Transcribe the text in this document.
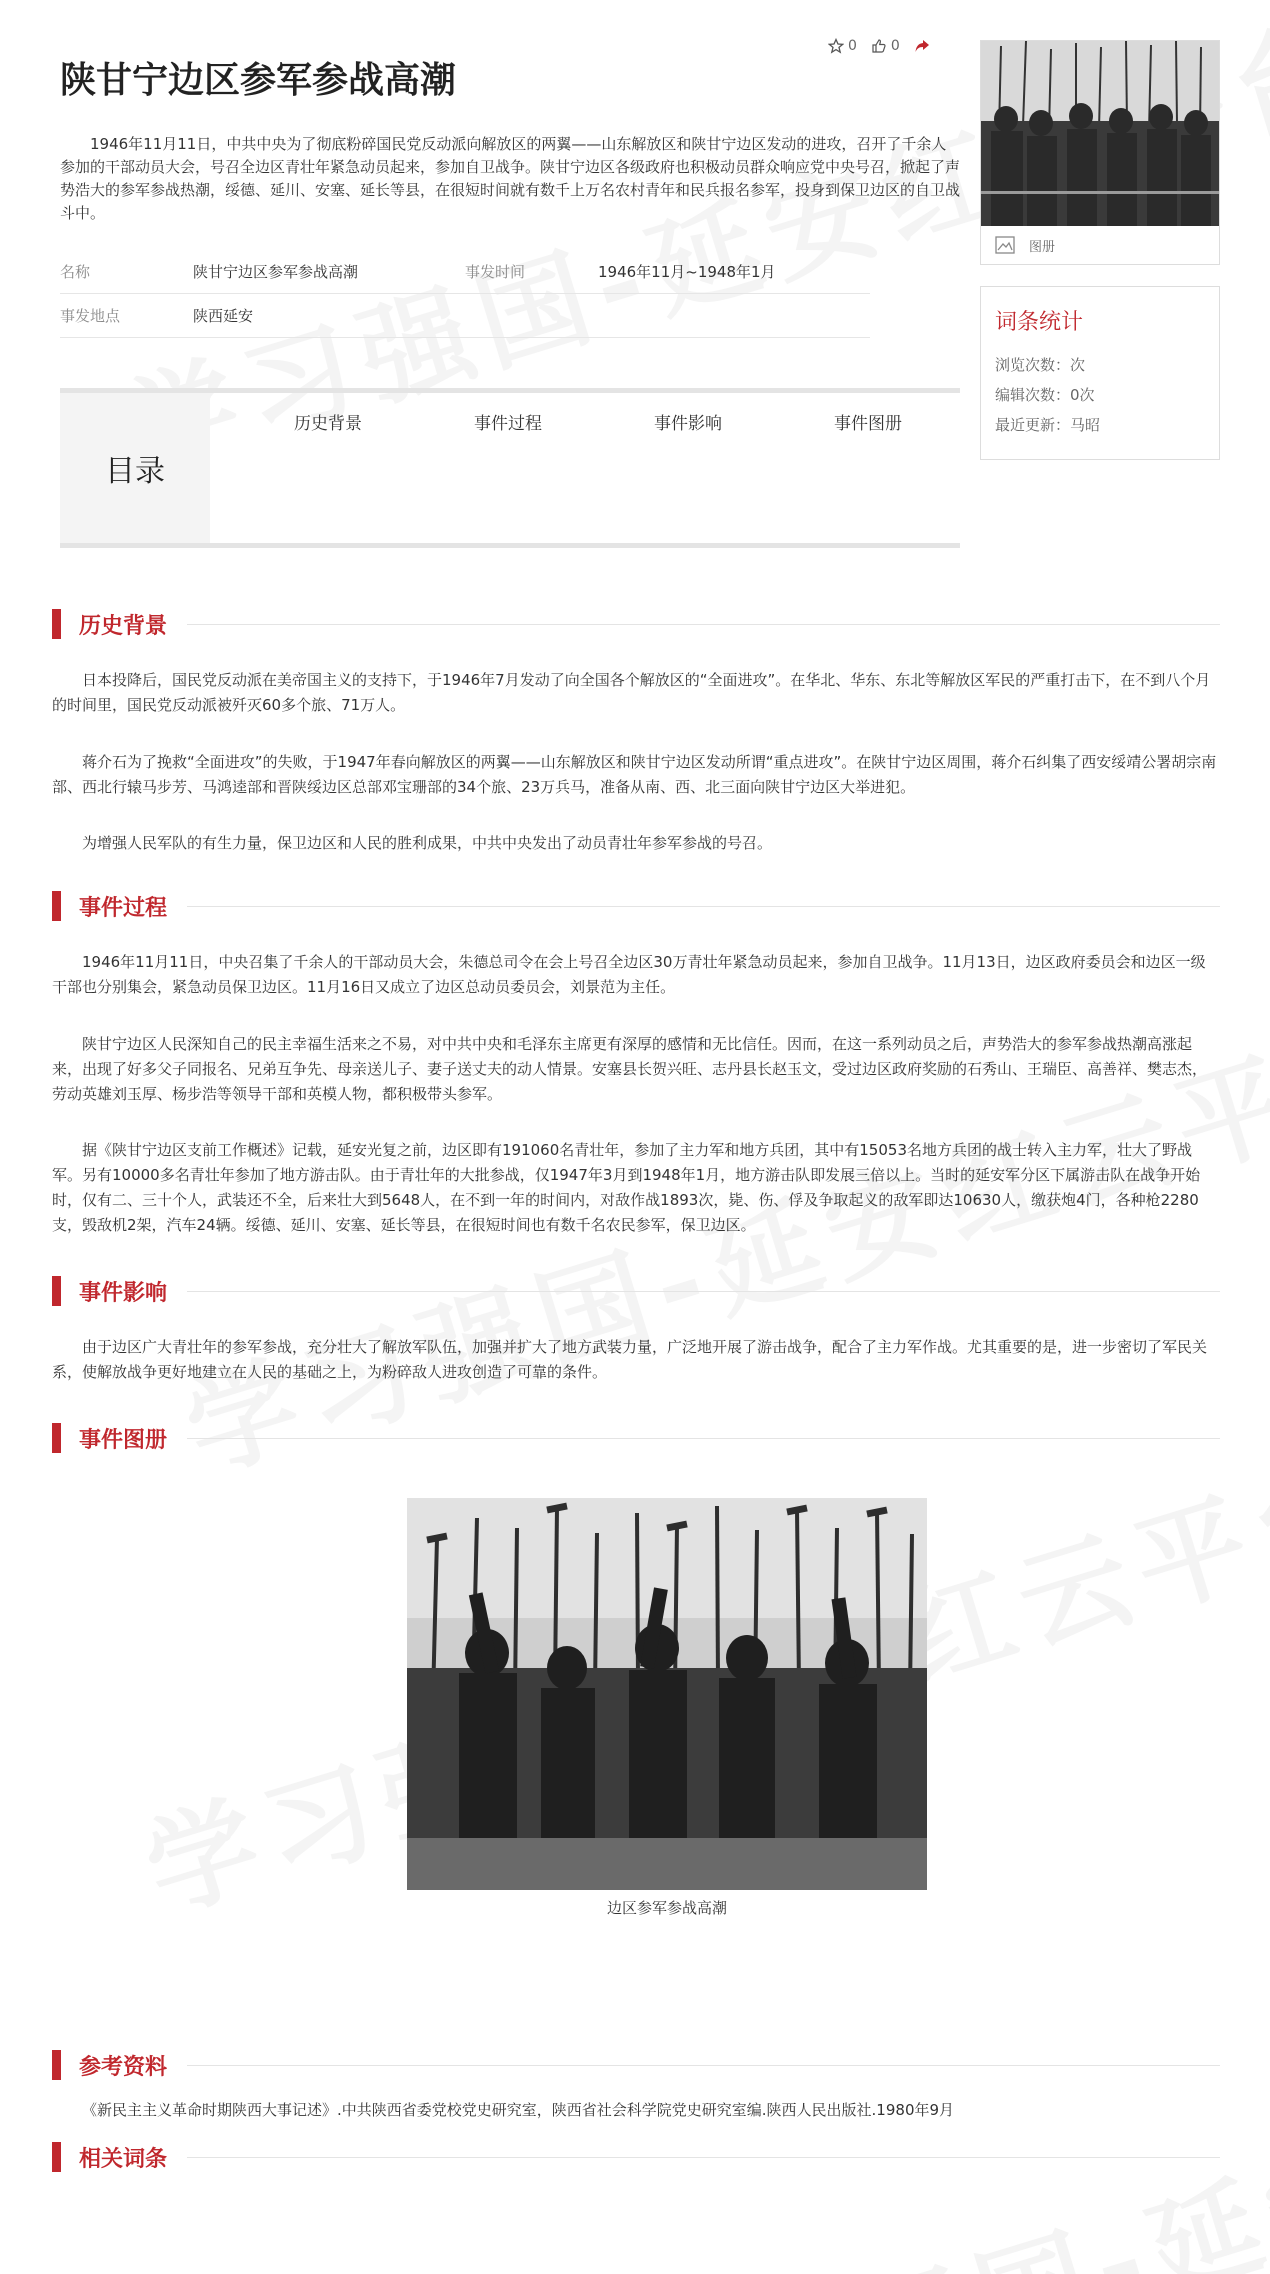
陕甘宁边区参军参战高潮
0 0

1946年11月11日，中共中央为了彻底粉碎国民党反动派向解放区的两翼——山东解放区和陕甘宁边区发动的进攻，召开了千余人参加的干部动员大会，号召全边区青壮年紧急动员起来，参加自卫战争。陕甘宁边区各级政府也积极动员群众响应党中央号召，掀起了声势浩大的参军参战热潮，绥德、延川、安塞、延长等县，在很短时间就有数千上万名农村青年和民兵报名参军，投身到保卫边区的自卫战斗中。

名称	陕甘宁边区参军参战高潮	事发时间	1946年11月~1948年1月
事发地点	陕西延安
目录
历史背景	事件过程	事件影响	事件图册
图册
词条统计
浏览次数：次
编辑次数：0次
最近更新：马昭
历史背景

日本投降后，国民党反动派在美帝国主义的支持下，于1946年7月发动了向全国各个解放区的“全面进攻”。在华北、华东、东北等解放区军民的严重打击下，在不到八个月的时间里，国民党反动派被歼灭60多个旅、71万人。

蒋介石为了挽救“全面进攻”的失败，于1947年春向解放区的两翼——山东解放区和陕甘宁边区发动所谓“重点进攻”。在陕甘宁边区周围，蒋介石纠集了西安绥靖公署胡宗南部、西北行辕马步芳、马鸿逵部和晋陕绥边区总部邓宝珊部的34个旅、23万兵马，准备从南、西、北三面向陕甘宁边区大举进犯。

为增强人民军队的有生力量，保卫边区和人民的胜利成果，中共中央发出了动员青壮年参军参战的号召。

事件过程

1946年11月11日，中央召集了千余人的干部动员大会，朱德总司令在会上号召全边区30万青壮年紧急动员起来，参加自卫战争。11月13日，边区政府委员会和边区一级干部也分别集会，紧急动员保卫边区。11月16日又成立了边区总动员委员会，刘景范为主任。

陕甘宁边区人民深知自己的民主幸福生活来之不易，对中共中央和毛泽东主席更有深厚的感情和无比信任。因而，在这一系列动员之后，声势浩大的参军参战热潮高涨起来，出现了好多父子同报名、兄弟互争先、母亲送儿子、妻子送丈夫的动人情景。安塞县长贺兴旺、志丹县长赵玉文，受过边区政府奖励的石秀山、王瑞臣、高善祥、樊志杰，劳动英雄刘玉厚、杨步浩等领导干部和英模人物，都积极带头参军。

据《陕甘宁边区支前工作概述》记载，延安光复之前，边区即有191060名青壮年，参加了主力军和地方兵团，其中有15053名地方兵团的战士转入主力军，壮大了野战军。另有10000多名青壮年参加了地方游击队。由于青壮年的大批参战，仅1947年3月到1948年1月，地方游击队即发展三倍以上。当时的延安军分区下属游击队在战争开始时，仅有二、三十个人，武装还不全，后来壮大到5648人，在不到一年的时间内，对敌作战1893次，毙、伤、俘及争取起义的敌军即达10630人，缴获炮4门，各种枪2280支，毁敌机2架，汽车24辆。绥德、延川、安塞、延长等县，在很短时间也有数千名农民参军，保卫边区。

事件影响

由于边区广大青壮年的参军参战，充分壮大了解放军队伍，加强并扩大了地方武装力量，广泛地开展了游击战争，配合了主力军作战。尤其重要的是，进一步密切了军民关系，使解放战争更好地建立在人民的基础之上，为粉碎敌人进攻创造了可靠的条件。

事件图册

边区参军参战高潮

参考资料

《新民主主义革命时期陕西大事记述》.中共陕西省委党校党史研究室，陕西省社会科学院党史研究室编.陕西人民出版社.1980年9月

相关词条
